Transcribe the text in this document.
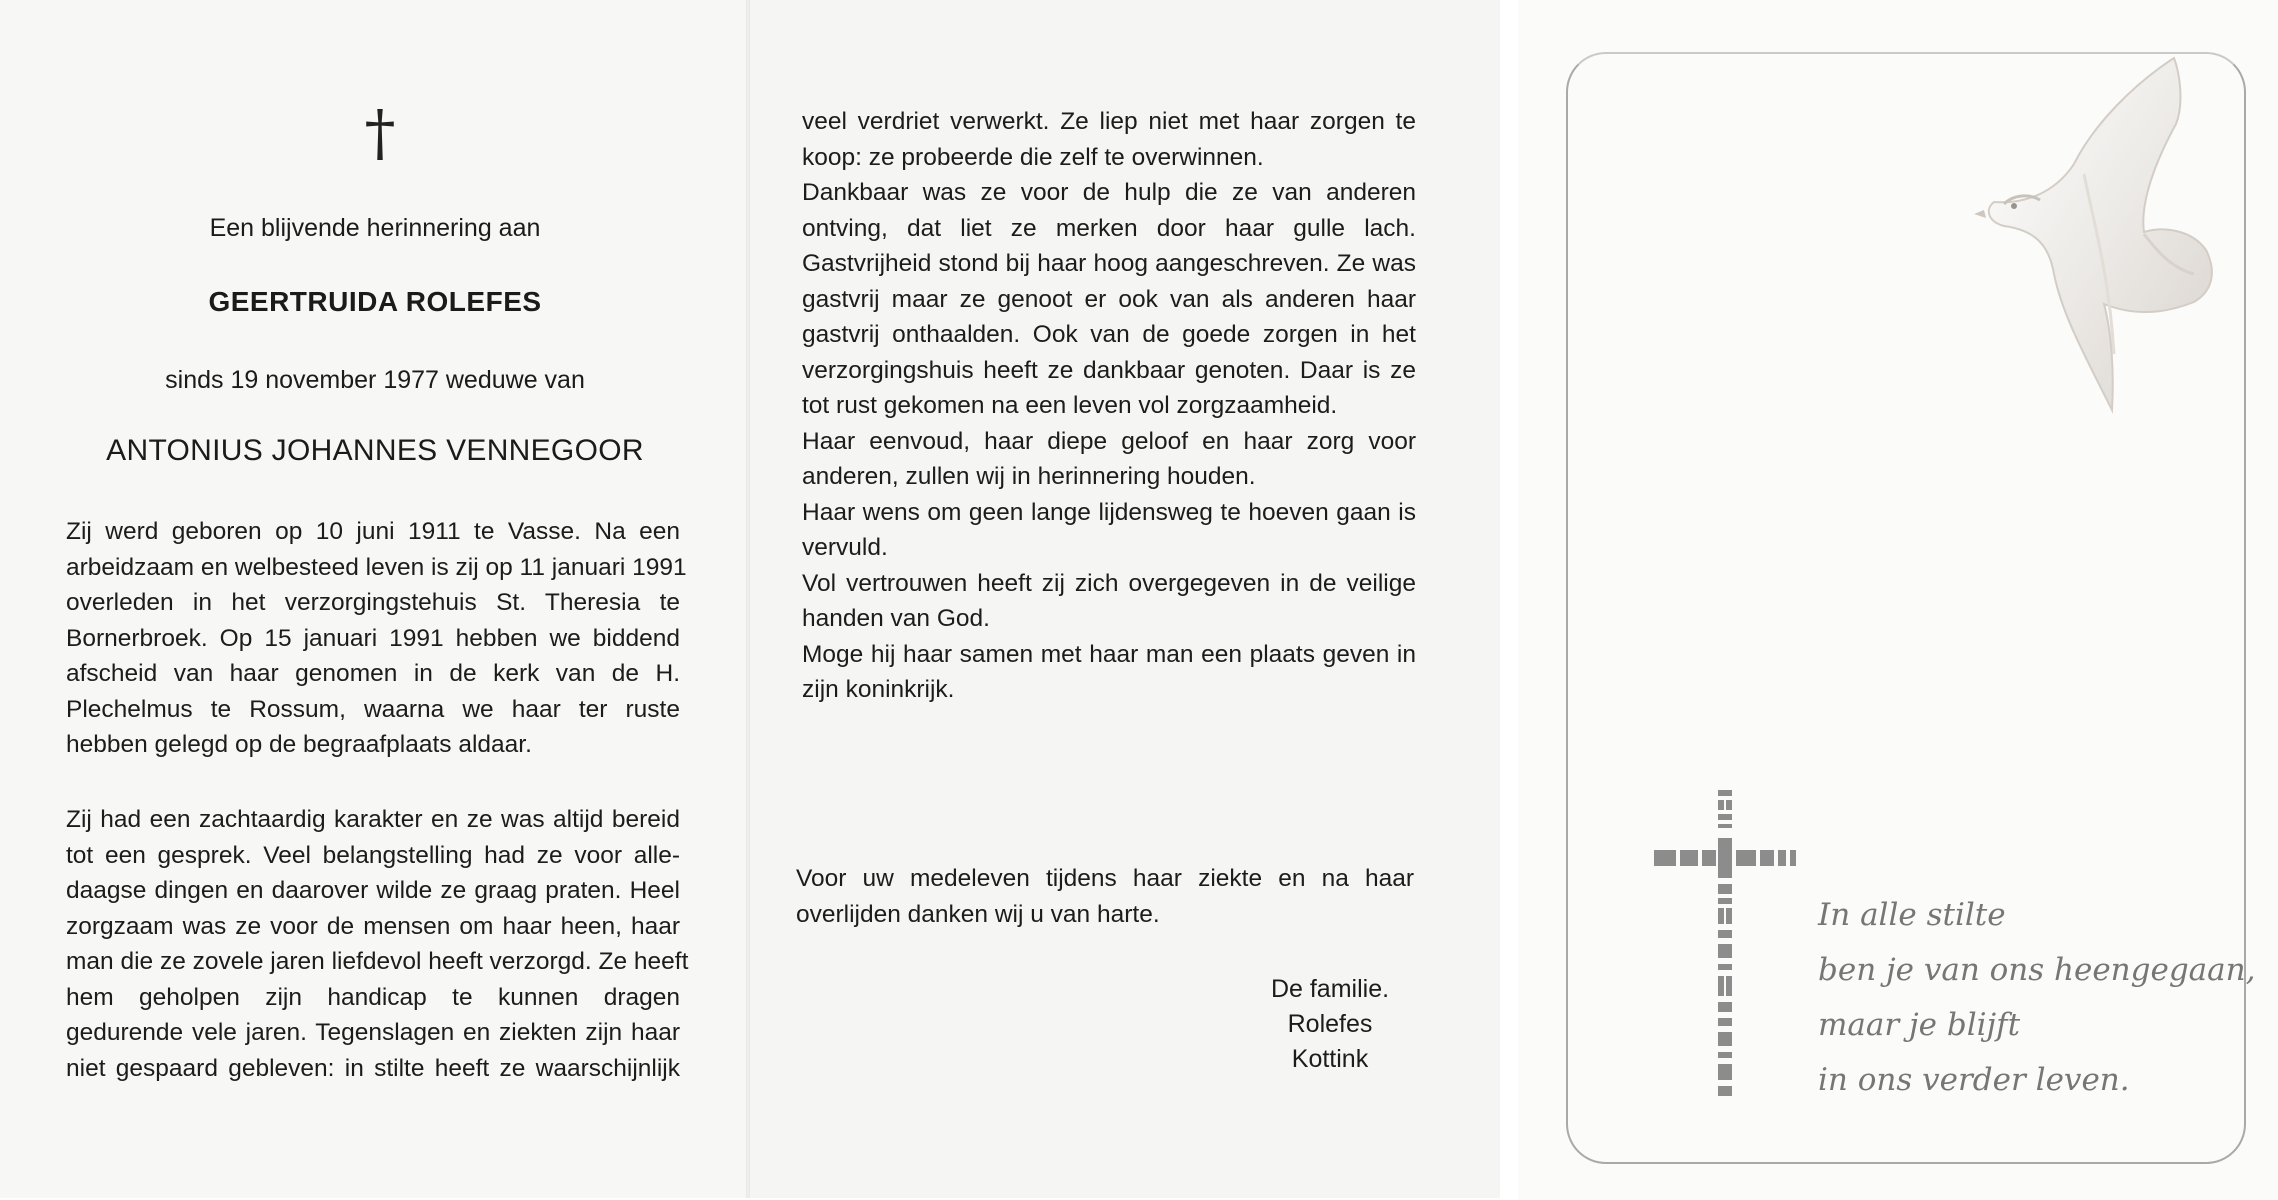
†
Een blijvende herinnering aan
GEERTRUIDA ROLEFES
sinds 19 november 1977 weduwe van
ANTONIUS JOHANNES VENNEGOOR
Zij werd geboren op 10 juni 1911 te Vasse. Na een
arbeidzaam en welbesteed leven is zij op 11 januari 1991
overleden in het verzorgingstehuis St. Theresia te
Bornerbroek. Op 15 januari 1991 hebben we biddend
afscheid van haar genomen in de kerk van de H.
Plechelmus te Rossum, waarna we haar ter ruste
hebben gelegd op de begraafplaats aldaar.
Zij had een zachtaardig karakter en ze was altijd bereid
tot een gesprek. Veel belangstelling had ze voor alle-
daagse dingen en daarover wilde ze graag praten. Heel
zorgzaam was ze voor de mensen om haar heen, haar
man die ze zovele jaren liefdevol heeft verzorgd. Ze heeft
hem geholpen zijn handicap te kunnen dragen
gedurende vele jaren. Tegenslagen en ziekten zijn haar
niet gespaard gebleven: in stilte heeft ze waarschijnlijk
veel verdriet verwerkt. Ze liep niet met haar zorgen te
koop: ze probeerde die zelf te overwinnen.
Dankbaar was ze voor de hulp die ze van anderen
ontving, dat liet ze merken door haar gulle lach.
Gastvrijheid stond bij haar hoog aangeschreven. Ze was
gastvrij maar ze genoot er ook van als anderen haar
gastvrij onthaalden. Ook van de goede zorgen in het
verzorgingshuis heeft ze dankbaar genoten. Daar is ze
tot rust gekomen na een leven vol zorgzaamheid.
Haar eenvoud, haar diepe geloof en haar zorg voor
anderen, zullen wij in herinnering houden.
Haar wens om geen lange lijdensweg te hoeven gaan is
vervuld.
Vol vertrouwen heeft zij zich overgegeven in de veilige
handen van God.
Moge hij haar samen met haar man een plaats geven in
zijn koninkrijk.
Voor uw medeleven tijdens haar ziekte en na haar
overlijden danken wij u van harte.
De familie.
Rolefes
Kottink
In alle stilte
ben je van ons heengegaan,
maar je blijft
in ons verder leven.
